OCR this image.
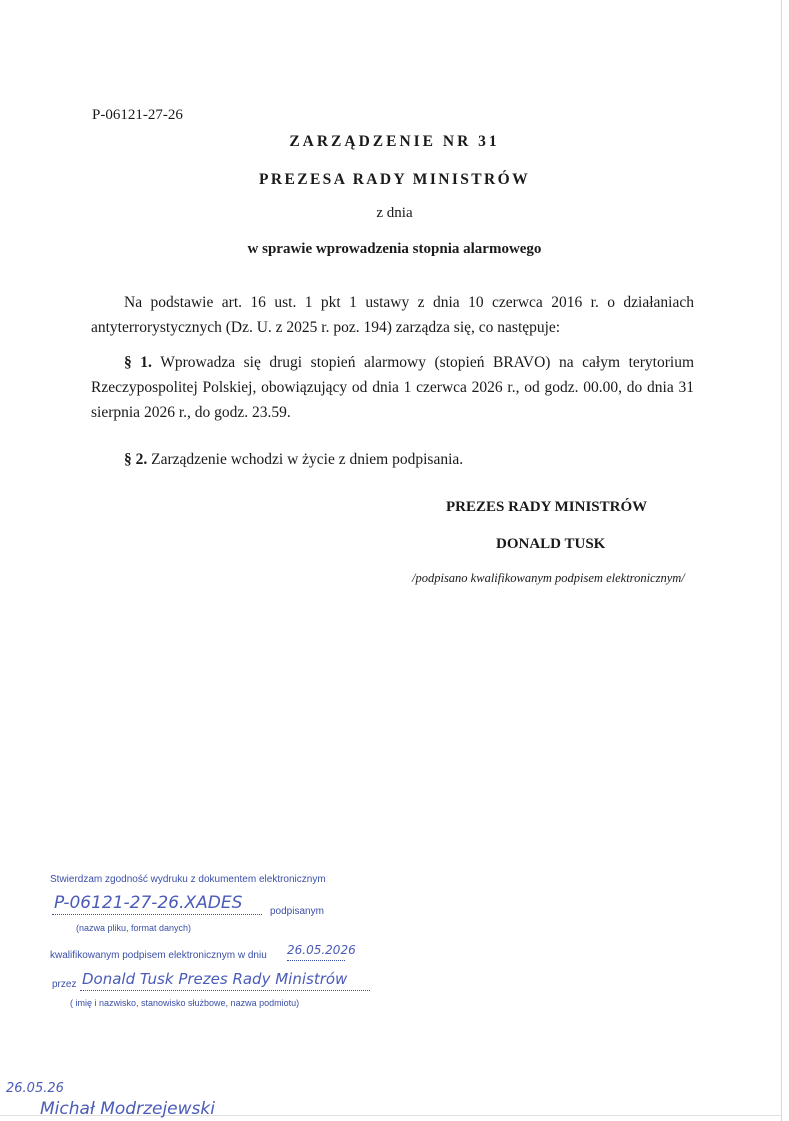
P-06121-27-26
ZARZĄDZENIE NR 31
PREZESA RADY MINISTRÓW
z dnia
w sprawie wprowadzenia stopnia alarmowego
Na podstawie art. 16 ust. 1 pkt 1 ustawy z dnia 10 czerwca 2016 r. o działaniach antyterrorystycznych (Dz. U. z 2025 r. poz. 194) zarządza się, co następuje:
§ 1. Wprowadza się drugi stopień alarmowy (stopień BRAVO) na całym terytorium Rzeczypospolitej Polskiej, obowiązujący od dnia 1 czerwca 2026 r., od godz. 00.00, do dnia 31 sierpnia 2026 r., do godz. 23.59.
§ 2. Zarządzenie wchodzi w życie z dniem podpisania.
PREZES RADY MINISTRÓW
DONALD TUSK
/podpisano kwalifikowanym podpisem elektronicznym/
Stwierdzam zgodność wydruku z dokumentem elektronicznym
P-06121-27-26.XADES	podpisanym
(nazwa pliku, format danych)
kwalifikowanym podpisem elektronicznym w dniu 26.05.2026
przez Donald Tusk Prezes Rady Ministrów
( imię i nazwisko, stanowisko służbowe, nazwa podmiotu)
26.05.26
Michał Modrzejewski
